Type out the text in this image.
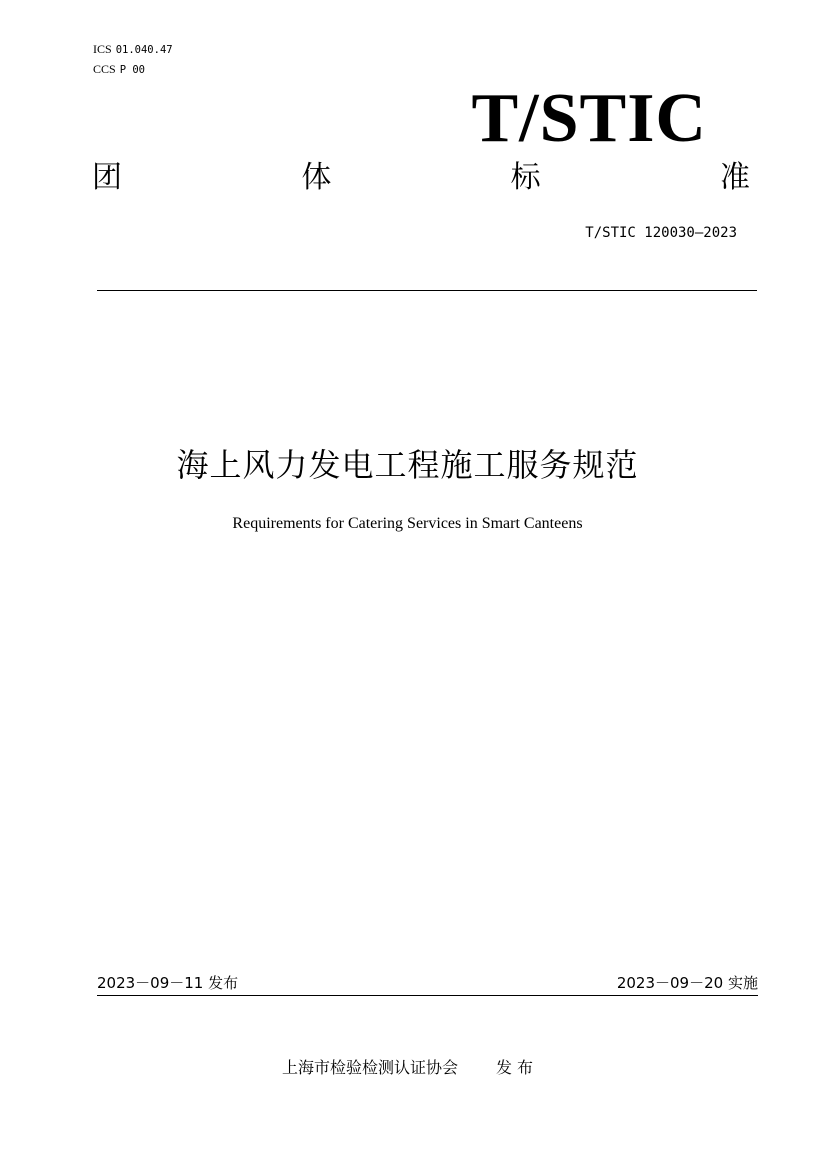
ICS 01.040.47
CCS P 00
T/STIC
团	体	标	准
T/STIC 120030—2023
海上风力发电工程施工服务规范
Requirements for Catering Services in Smart Canteens
2023－09－11 发布	2023－09－20 实施
上海市检验检测认证协会 发 布
